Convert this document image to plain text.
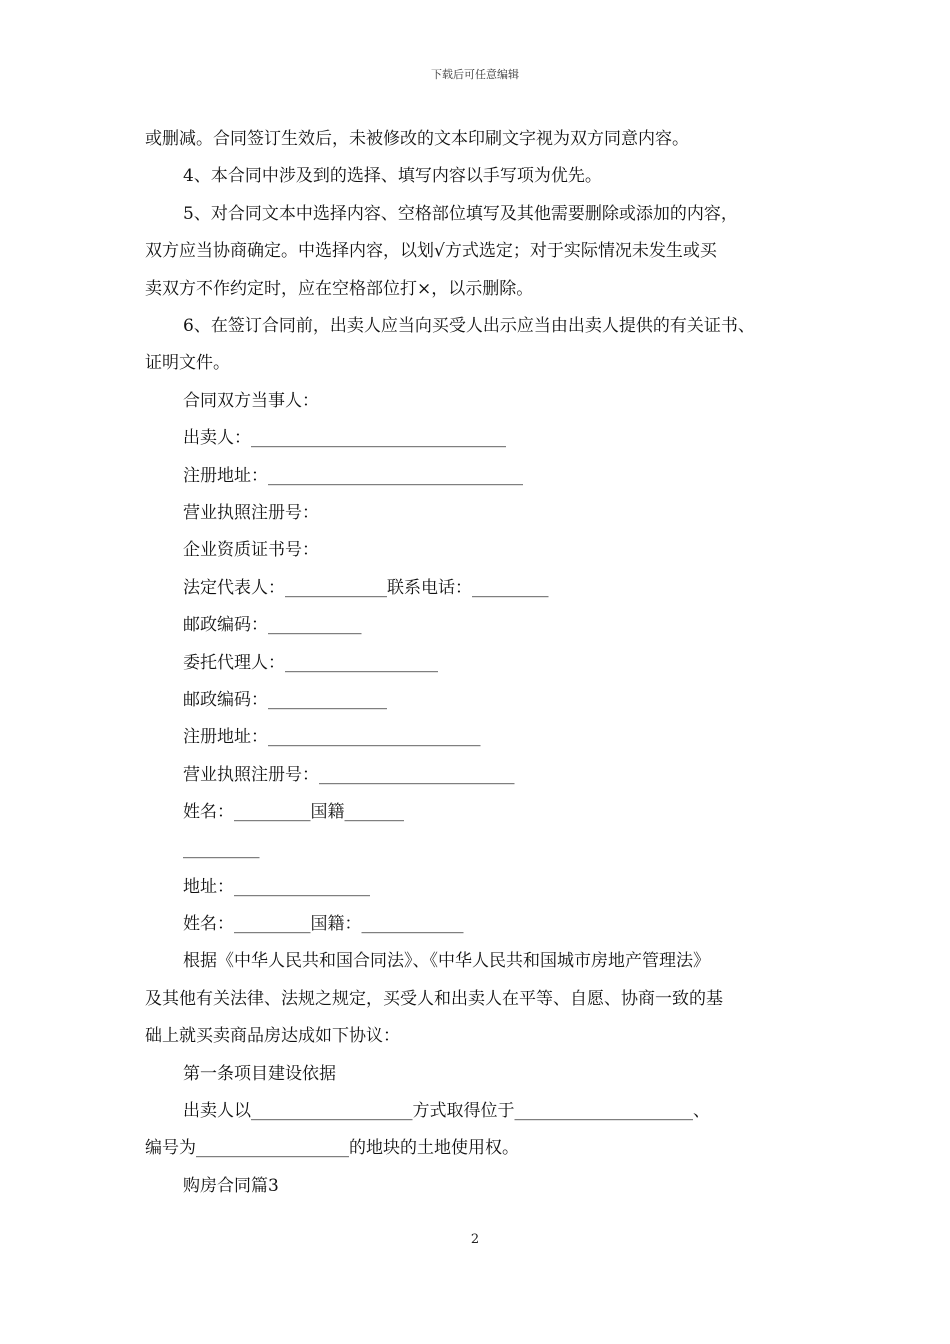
下载后可任意编辑
或删减。合同签订生效后，未被修改的文本印刷文字视为双方同意内容。
4、本合同中涉及到的选择、填写内容以手写项为优先。
5、对合同文本中选择内容、空格部位填写及其他需要删除或添加的内容，
双方应当协商确定。中选择内容，以划√方式选定；对于实际情况未发生或买
卖双方不作约定时，应在空格部位打×，以示删除。
6、在签订合同前，出卖人应当向买受人出示应当由出卖人提供的有关证书、
证明文件。
合同双方当事人：
出卖人：______________________________
注册地址：______________________________
营业执照注册号：
企业资质证书号：
法定代表人：____________联系电话：_________
邮政编码：___________
委托代理人：__________________
邮政编码：______________
注册地址：_________________________
营业执照注册号：_______________________
姓名：_________国籍_______
_________
地址：________________
姓名：_________国籍：____________
根据《中华人民共和国合同法》、《中华人民共和国城市房地产管理法》
及其他有关法律、法规之规定，买受人和出卖人在平等、自愿、协商一致的基
础上就买卖商品房达成如下协议：
第一条项目建设依据
出卖人以___________________方式取得位于_____________________、
编号为__________________的地块的土地使用权。
购房合同篇3
2
